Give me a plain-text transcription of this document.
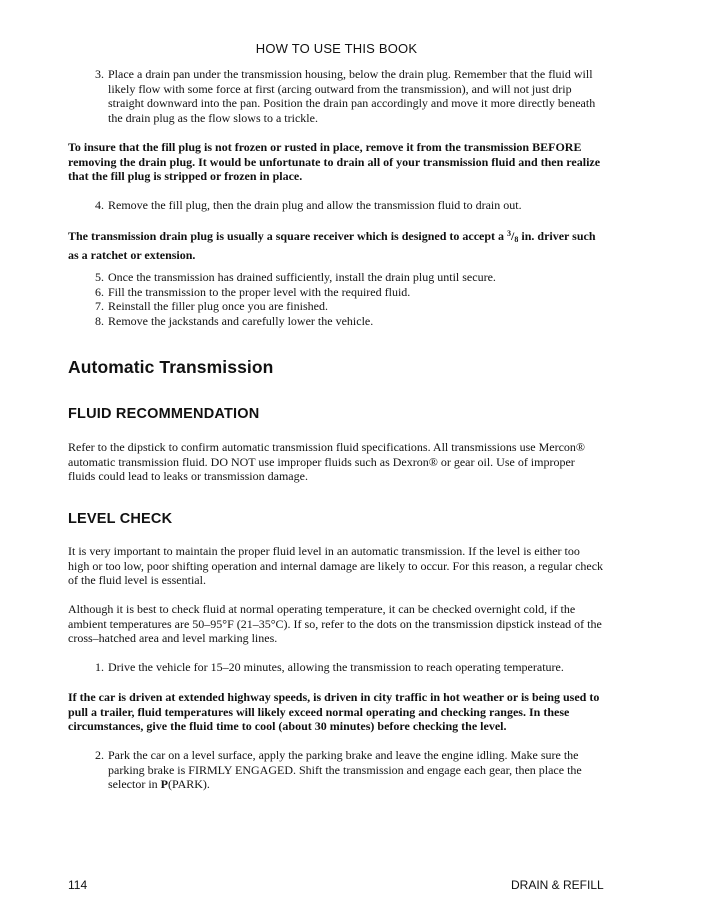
HOW TO USE THIS BOOK
3. Place a drain pan under the transmission housing, below the drain plug. Remember that the fluid will likely flow with some force at first (arcing outward from the transmission), and will not just drip straight downward into the pan. Position the drain pan accordingly and move it more directly beneath the drain plug as the flow slows to a trickle.
To insure that the fill plug is not frozen or rusted in place, remove it from the transmission BEFORE removing the drain plug. It would be unfortunate to drain all of your transmission fluid and then realize that the fill plug is stripped or frozen in place.
4. Remove the fill plug, then the drain plug and allow the transmission fluid to drain out.
The transmission drain plug is usually a square receiver which is designed to accept a $^3$/8 in. driver such as a ratchet or extension.
5. Once the transmission has drained sufficiently, install the drain plug until secure.
6. Fill the transmission to the proper level with the required fluid.
7. Reinstall the filler plug once you are finished.
8. Remove the jackstands and carefully lower the vehicle.
Automatic Transmission
FLUID RECOMMENDATION
Refer to the dipstick to confirm automatic transmission fluid specifications. All transmissions use Mercon® automatic transmission fluid. DO NOT use improper fluids such as Dexron® or gear oil. Use of improper fluids could lead to leaks or transmission damage.
LEVEL CHECK
It is very important to maintain the proper fluid level in an automatic transmission. If the level is either too high or too low, poor shifting operation and internal damage are likely to occur. For this reason, a regular check of the fluid level is essential.
Although it is best to check fluid at normal operating temperature, it can be checked overnight cold, if the ambient temperatures are 50–95°F (21–35°C). If so, refer to the dots on the transmission dipstick instead of the cross–hatched area and level marking lines.
1. Drive the vehicle for 15–20 minutes, allowing the transmission to reach operating temperature.
If the car is driven at extended highway speeds, is driven in city traffic in hot weather or is being used to pull a trailer, fluid temperatures will likely exceed normal operating and checking ranges. In these circumstances, give the fluid time to cool (about 30 minutes) before checking the level.
2. Park the car on a level surface, apply the parking brake and leave the engine idling. Make sure the parking brake is FIRMLY ENGAGED. Shift the transmission and engage each gear, then place the selector in P(PARK).
114	DRAIN & REFILL
